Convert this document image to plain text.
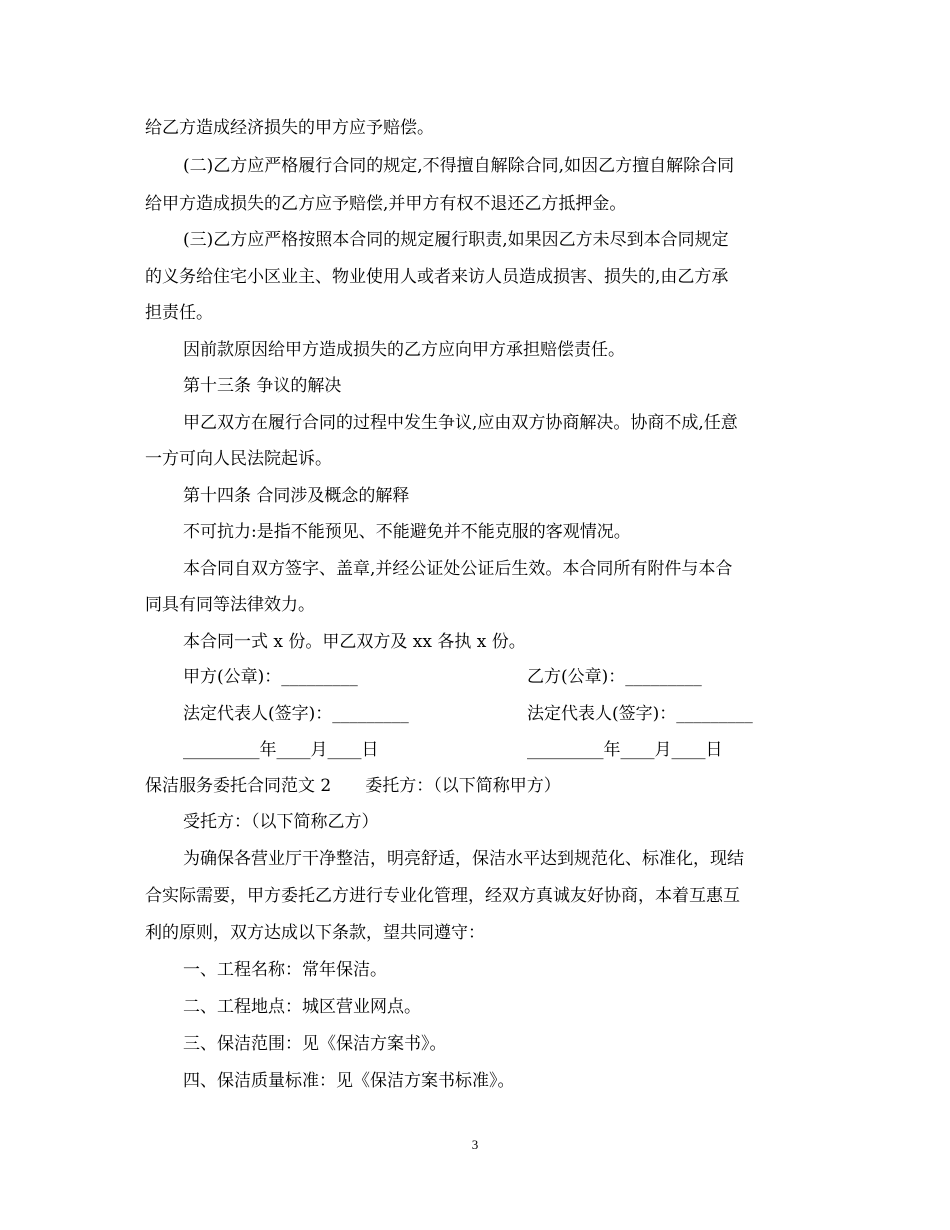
给乙方造成经济损失的甲方应予赔偿。
(二)乙方应严格履行合同的规定,不得擅自解除合同,如因乙方擅自解除合同
给甲方造成损失的乙方应予赔偿,并甲方有权不退还乙方抵押金。
(三)乙方应严格按照本合同的规定履行职责,如果因乙方未尽到本合同规定
的义务给住宅小区业主、物业使用人或者来访人员造成损害、损失的,由乙方承
担责任。
因前款原因给甲方造成损失的乙方应向甲方承担赔偿责任。
第十三条 争议的解决
甲乙双方在履行合同的过程中发生争议,应由双方协商解决。协商不成,任意
一方可向人民法院起诉。
第十四条 合同涉及概念的解释
不可抗力:是指不能预见、不能避免并不能克服的客观情况。
本合同自双方签字、盖章,并经公证处公证后生效。本合同所有附件与本合
同具有同等法律效力。
本合同一式 x 份。甲乙双方及 xx 各执 x 份。
甲方(公章)：_________	乙方(公章)：_________
法定代表人(签字)：_________	法定代表人(签字)：_________
_________年____月____日	_________年____月____日
保洁服务委托合同范文 2　　委托方：（以下简称甲方）
受托方：（以下简称乙方）
为确保各营业厅干净整洁，明亮舒适，保洁水平达到规范化、标准化，现结
合实际需要，甲方委托乙方进行专业化管理，经双方真诚友好协商，本着互惠互
利的原则，双方达成以下条款，望共同遵守：
一、工程名称：常年保洁。
二、工程地点：城区营业网点。
三、保洁范围：见《保洁方案书》。
四、保洁质量标准：见《保洁方案书标准》。
3
